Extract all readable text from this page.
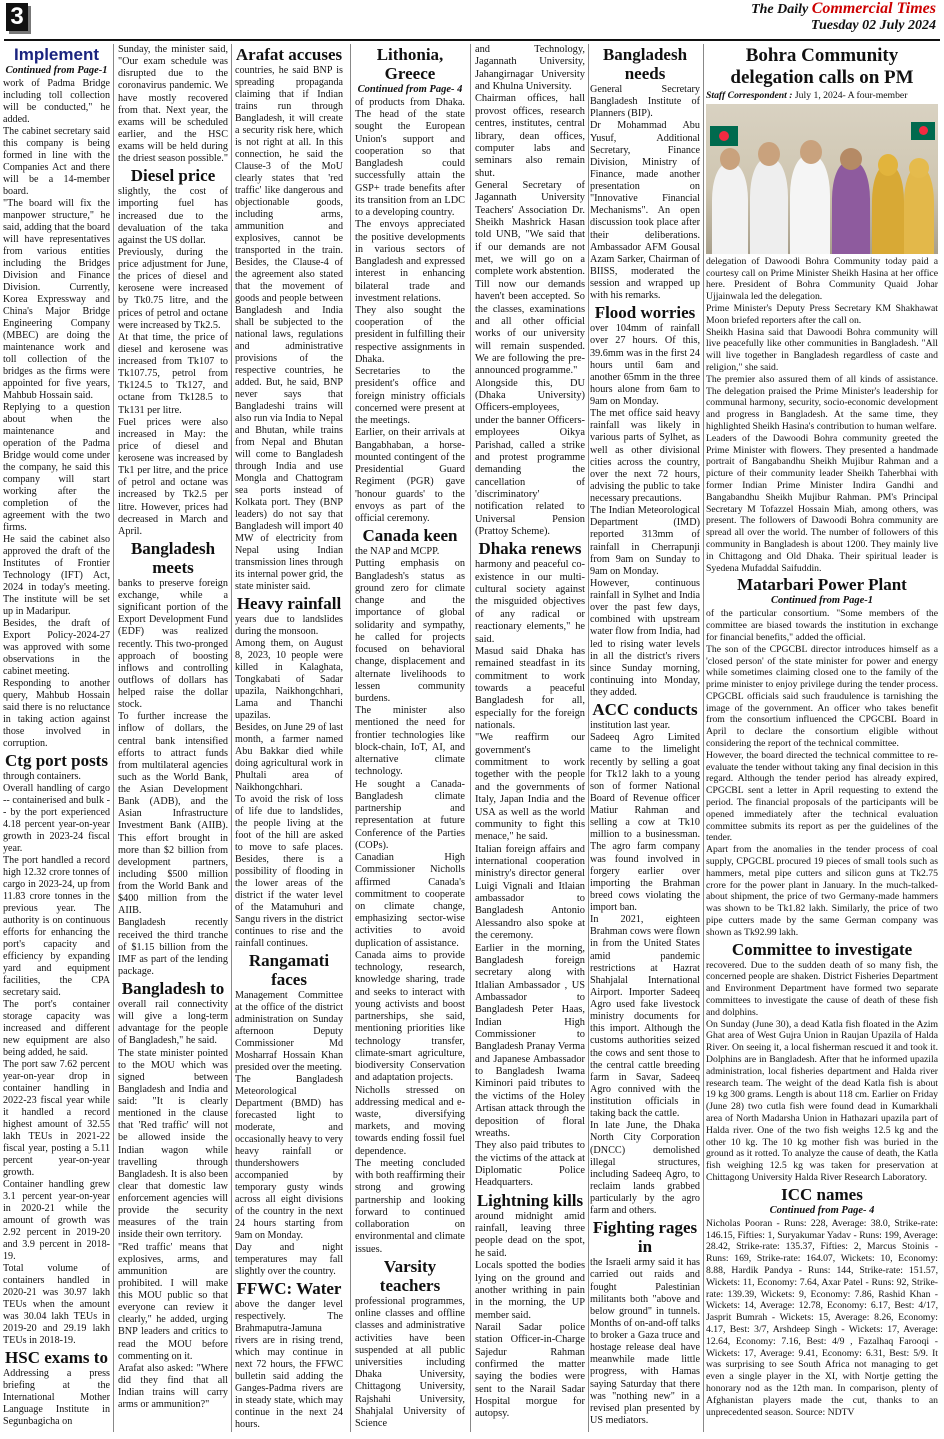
3	The Daily Commercial Times
Tuesday 02 July 2024
Implement
Continued from Page-1

work of Padma Bridge including toll collection will be conducted," he added.

The cabinet secretary said this company is being formed in line with the Companies Act and there will be a 14-member board.

"The board will fix the manpower structure," he said, adding that the board will have representatives from various entities including the Bridges Division and Finance Division. Currently, Korea Expressway and China's Major Bridge Engineering Company (MBEC) are doing the maintenance work and toll collection of the bridges as the firms were appointed for five years, Mahbub Hossain said.

Replying to a question about when the maintenance and operation of the Padma Bridge would come under the company, he said this company will start working after the completion of the agreement with the two firms.

He said the cabinet also approved the draft of the Institutes of Frontier Technology (IFT) Act, 2024 in today's meeting. The institute will be set up in Madaripur.

Besides, the draft of Export Policy-2024-27 was approved with some observations in the cabinet meeting.

Responding to another query, Mahbub Hossain said there is no reluctance in taking action against those involved in corruption.

Ctg port posts

through containers.

Overall handling of cargo -- containerised and bulk -- by the port experienced 4.18 percent year-on-year growth in 2023-24 fiscal year.

The port handled a record high 12.32 crore tonnes of cargo in 2023-24, up from 11.83 crore tonnes in the previous year. The authority is on continuous efforts for enhancing the port's capacity and efficiency by expanding yard and equipment facilities, the CPA secretary said.

The port's container storage capacity was increased and different new equipment are also being added, he said.

The port saw 7.62 percent year-on-year drop in container handling in 2022-23 fiscal year while it handled a record highest amount of 32.55 lakh TEUs in 2021-22 fiscal year, posting a 5.11 percent year-on-year growth.

Container handling grew 3.1 percent year-on-year in 2020-21 while the amount of growth was 2.92 percent in 2019-20 and 3.9 percent in 2018-19.

Total volume of containers handled in 2020-21 was 30.97 lakh TEUs when the amount was 30.04 lakh TEUs in 2019-20 and 29.19 lakh TEUs in 2018-19.

HSC exams to

Addressing a press briefing at the International Mother Language Institute in Segunbagicha on

Sunday, the minister said, "Our exam schedule was disrupted due to the coronavirus pandemic. We have mostly recovered from that. Next year, the exams will be scheduled earlier, and the HSC exams will be held during the driest season possible."

Diesel price

slightly, the cost of importing fuel has increased due to the devaluation of the taka against the US dollar.

Previously, during the price adjustment for June, the prices of diesel and kerosene were increased by Tk0.75 litre, and the prices of petrol and octane were increased by Tk2.5.

At that time, the price of diesel and kerosene was increased from Tk107 to Tk107.75, petrol from Tk124.5 to Tk127, and octane from Tk128.5 to Tk131 per litre.

Fuel prices were also increased in May: the price of diesel and kerosene was increased by Tk1 per litre, and the price of petrol and octane was increased by Tk2.5 per litre. However, prices had decreased in March and April.

Bangladesh meets

banks to preserve foreign exchange, while a significant portion of the Export Development Fund (EDF) was realized recently. This two-pronged approach of boosting inflows and controlling outflows of dollars has helped raise the dollar stock.

To further increase the inflow of dollars, the central bank intensified efforts to attract funds from multilateral agencies such as the World Bank, the Asian Development Bank (ADB), and the Asian Infrastructure Investment Bank (AIIB). This effort brought in more than $2 billion from development partners, including $500 million from the World Bank and $400 million from the AIIB.

Bangladesh recently received the third tranche of $1.15 billion from the IMF as part of the lending package.

Bangladesh to

overall rail connectivity will give a long-term advantage for the people of Bangladesh," he said.

The state minister pointed to the MOU which was signed between Bangladesh and India and said: "It is clearly mentioned in the clause that 'Red traffic' will not be allowed inside the Indian wagon while travelling through Bangladesh. It is also been clear that domestic law enforcement agencies will provide the security measures of the train inside their own territory.

"Red traffic' means that explosives, arms, and ammunition are prohibited. I will make this MOU public so that everyone can review it clearly," he added, urging BNP leaders and critics to read the MOU before commenting on it.

Arafat also asked: "Where did they find that all Indian trains will carry arms or ammunition?"

Arafat accuses

countries, he said BNP is spreading propaganda claiming that if Indian trains run through Bangladesh, it will create a security risk here, which is not right at all. In this connection, he said the Clause-3 of the MoU clearly states that 'red traffic' like dangerous and objectionable goods, including arms, ammunition and explosives, cannot be transported in the train. Besides, the Clause-4 of the agreement also stated that the movement of goods and people between Bangladesh and India shall be subjected to the national laws, regulations and administrative provisions of the respective countries, he added. But, he said, BNP never says that Bangladeshi trains will also run via India to Nepal and Bhutan, while trains from Nepal and Bhutan will come to Bangladesh through India and use Mongla and Chattogram sea ports instead of Kolkata port. They (BNP leaders) do not say that Bangladesh will import 40 MW of electricity from Nepal using Indian transmission lines through its internal power grid, the state minister said.

Heavy rainfall

years due to landslides during the monsoon.

Among them, on August 8, 2023, 10 people were killed in Kalaghata, Tongkabati of Sadar upazila, Naikhongchhari, Lama and Thanchi upazilas.

Besides, on June 29 of last month, a farmer named Abu Bakkar died while doing agricultural work in Phultali area of Naikhongchhari.

To avoid the risk of loss of life due to landslides, the people living at the foot of the hill are asked to move to safe places. Besides, there is a possibility of flooding in the lower areas of the district if the water level of the Matamuhuri and Sangu rivers in the district continues to rise and the rainfall continues.

Rangamati faces

Management Committee at the office of the district administration on Sunday afternoon Deputy Commissioner Md Mosharraf Hossain Khan presided over the meeting.

The Bangladesh Meteorological Department (BMD) has forecasted light to moderate, and occasionally heavy to very heavy rainfall or thundershowers accompanied by temporary gusty winds across all eight divisions of the country in the next 24 hours starting from 9am on Monday.

Day and night temperatures may fall slightly over the country.

FFWC: Water

above the danger level respectively. The Brahmaputra-Jamuna rivers are in rising trend, which may continue in next 72 hours, the FFWC bulletin said adding the Ganges-Padma rivers are in steady state, which may continue in the next 24 hours.

Lithonia, Greece
Continued from Page- 4

of products from Dhaka. The head of the state sought the European Union's support and cooperation so that Bangladesh could successfully attain the GSP+ trade benefits after its transition from an LDC to a developing country.

The envoys appreciated the positive developments in various sectors of Bangladesh and expressed interest in enhancing bilateral trade and investment relations.

They also sought the cooperation of the president in fulfilling their respective assignments in Dhaka.

Secretaries to the president's office and foreign ministry officials concerned were present at the meetings.

Earlier, on their arrivals at Bangabhaban, a horse-mounted contingent of the Presidential Guard Regiment (PGR) gave 'honour guards' to the envoys as part of the official ceremony.

Canada keen

the NAP and MCPP.

Putting emphasis on Bangladesh's status as ground zero for climate change and the importance of global solidarity and sympathy, he called for projects focused on behavioral change, displacement and alternate livelihoods to lessen community burdens.

The minister also mentioned the need for frontier technologies like block-chain, IoT, AI, and alternative climate technology.

He sought a Canada-Bangladesh climate partnership and representation at future Conference of the Parties (COPs).

Canadian High Commissioner Nicholls affirmed Canada's commitment to cooperate on climate change, emphasizing sector-wise activities to avoid duplication of assistance.

Canada aims to provide technology, research, knowledge sharing, trade and seeks to interact with young activists and boost partnerships, she said, mentioning priorities like technology transfer, climate-smart agriculture, biodiversity Conservation and adaptation projects.

Nicholls stressed on addressing medical and e-waste, diversifying markets, and moving towards ending fossil fuel dependence.

The meeting concluded with both reaffirming their strong and growing partnership and looking forward to continued collaboration on environmental and climate issues.

Varsity teachers

professional programmes, online classes and offline classes and administrative activities have been suspended at all public universities including Dhaka University, Chittagong University, Rajshahi University, Shahjalal University of Science

and Technology, Jagannath University, Jahangirnagar University and Khulna University.

Chairman offices, hall provost offices, research centres, institutes, central library, dean offices, computer labs and seminars also remain shut.

General Secretary of Jagannath University Teachers' Association Dr. Sheikh Mashrick Hasan told UNB, "We said that if our demands are not met, we will go on a complete work abstention. Till now our demands haven't been accepted. So the classes, examinations and all other official works of our university will remain suspended. We are following the pre-announced programme."

Alongside this, DU (Dhaka University) Officers-employees, under the banner Officers-employees Oikya Parishad, called a strike and protest programme demanding the cancellation of 'discriminatory' notification related to Universal Pension (Prattoy Scheme).

Dhaka renews

harmony and peaceful co-existence in our multi-cultural society against the misguided objectives of any radical or reactionary elements," he said.

Masud said Dhaka has remained steadfast in its commitment to work towards a peaceful Bangladesh for all, especially for the foreign nationals.

"We reaffirm our government's commitment to work together with the people and the governments of Italy, Japan India and the USA as well as the world community to fight this menace," he said.

Italian foreign affairs and international cooperation ministry's director general Luigi Vignali and Itlaian ambassador to Bangladesh Antonio Alessandro also spoke at the ceremony.

Earlier in the morning, Bangladesh foreign secretary along with Itlalian Ambassador , US Ambassador to Bangladesh Peter Haas, Indian High Commissioner to Bangladesh Pranay Verma and Japanese Ambassador to Bangladesh Iwama Kiminori paid tributes to the victims of the Holey Artisan attack through the deposition of floral wreaths.

They also paid tributes to the victims of the attack at Diplomatic Police Headquarters.

Lightning kills

around midnight amid rainfall, leaving three people dead on the spot, he said.

Locals spotted the bodies lying on the ground and another writhing in pain in the morning, the UP member said.

Narail Sadar police station Officer-in-Charge Sajedur Rahman confirmed the matter saying the bodies were sent to the Narail Sadar Hospital morgue for autopsy.

Bangladesh needs

General Secretary Bangladesh Institute of Planners (BIP).

Dr Mohammad Abu Yusuf, Additional Secretary, Finance Division, Ministry of Finance, made another presentation on "Innovative Financial Mechanisms". An open discussion took place after their deliberations. Ambassador AFM Gousal Azam Sarker, Chairman of BIISS, moderated the session and wrapped up with his remarks.

Flood worries

over 104mm of rainfall over 27 hours. Of this, 39.6mm was in the first 24 hours until 6am and another 65mm in the three hours alone from 6am to 9am on Monday.

The met office said heavy rainfall was likely in various parts of Sylhet, as well as other divisional cities across the country, over the next 72 hours, advising the public to take necessary precautions.

The Indian Meteorological Department (IMD) reported 313mm of rainfall in Cherrapunji from 9am on Sunday to 9am on Monday.

However, continuous rainfall in Sylhet and India over the past few days, combined with upstream water flow from India, had led to rising water levels in all the district's rivers since Sunday morning, continuing into Monday, they added.

ACC conducts

institution last year.

Sadeeq Agro Limited came to the limelight recently by selling a goat for Tk12 lakh to a young son of former National Board of Revenue officer Matiur Rahman and selling a cow at Tk10 million to a businessman. The agro farm company was found involved in forgery earlier over importing the Brahman breed cows violating the import ban.

In 2021, eighteen Brahman cows were flown in from the United States amid pandemic restrictions at Hazrat Shahjalal International Airport. Importer Sadeeq Agro used fake livestock ministry documents for this import. Although the customs authorities seized the cows and sent those to the central cattle breeding farm in Savar, Sadeeq Agro connived with the institution officials in taking back the cattle.

In late June, the Dhaka North City Corporation (DNCC) demolished illegal structures, including Sadeeq Agro, to reclaim lands grabbed particularly by the agro farm and others.

Fighting rages in

the Israeli army said it has carried out raids and fought Palestinian militants both "above and below ground" in tunnels. Months of on-and-off talks to broker a Gaza truce and hostage release deal have meanwhile made little progress, with Hamas saying Saturday that there was "nothing new" in a revised plan presented by US mediators.

Bohra Community delegation calls on PM

Staff Correspondent : July 1, 2024- A four-member

delegation of Dawoodi Bohra Community today paid a courtesy call on Prime Minister Sheikh Hasina at her office here. President of Bohra Community Quaid Johar Ujjainwala led the delegation.

Prime Minister's Deputy Press Secretary KM Shakhawat Moon briefed reporters after the call on.

Sheikh Hasina said that Dawoodi Bohra community will live peacefully like other communities in Bangladesh. "All will live together in Bangladesh regardless of caste and religion," she said.

The premier also assured them of all kinds of assistance. The delegation praised the Prime Minister's leadership for communal harmony, security, socio-economic development and progress in Bangladesh. At the same time, they highlighted Sheikh Hasina's contribution to human welfare.

Leaders of the Dawoodi Bohra community greeted the Prime Minister with flowers. They presented a handmade portrait of Bangabandhu Sheikh Mujibur Rahman and a picture of their community leader Sheikh Taherbhai with former Indian Prime Minister Indira Gandhi and Bangabandhu Sheikh Mujibur Rahman. PM's Principal Secretary M Tofazzel Hossain Miah, among others, was present. The followers of Dawoodi Bohra community are spread all over the world. The number of followers of this community in Bangladesh is about 1200. They mainly live in Chittagong and Old Dhaka. Their spiritual leader is Syedena Mufaddal Saifuddin.

Matarbari Power Plant
Continued from Page-1

of the particular consortium. "Some members of the committee are biased towards the institution in exchange for financial benefits," added the official.

The son of the CPGCBL director introduces himself as a 'closed person' of the state minister for power and energy while sometimes claiming closed one to the family of the prime minister to enjoy privilege during the tender process. CPGCBL officials said such fraudulence is tarnishing the image of the government. An officer who takes benefit from the consortium influenced the CPGCBL Board in April to declare the consortium eligible without considering the report of the technical committee.

However, the board directed the technical committee to re-evaluate the tender without taking any final decision in this regard. Although the tender period has already expired, CPGCBL sent a letter in April requesting to extend the period. The financial proposals of the participants will be opened immediately after the technical evaluation committee submits its report as per the guidelines of the tender.

Apart from the anomalies in the tender process of coal supply, CPGCBL procured 19 pieces of small tools such as hammers, metal pipe cutters and silicon guns at Tk2.75 crore for the power plant in January. In the much-talked-about shipment, the price of two Germany-made hammers was shown to be Tk1.82 lakh. Similarly, the price of two pipe cutters made by the same German company was shown as Tk92.99 lakh.

Committee to investigate

recovered. Due to the sudden death of so many fish, the concerned people are shaken. District Fisheries Department and Environment Department have formed two separate committees to investigate the cause of death of these fish and dolphins.

On Sunday (June 30), a dead Katla fish floated in the Azim Ghat area of West Gujra Union in Raujan Upazila of Halda River. On seeing it, a local fisherman rescued it and took it. Dolphins are in Bangladesh. After that he informed upazila administration, local fisheries department and Halda river research team. The weight of the dead Katla fish is about 19 kg 300 grams. Length is about 118 cm. Earlier on Friday (June 28) two cutla fish were found dead in Kumarkhali area of North Madarsha Union in Hathazari upazila part of Halda river. One of the two fish weighs 12.5 kg and the other 10 kg. The 10 kg mother fish was buried in the ground as it rotted. To analyze the cause of death, the Katla fish weighing 12.5 kg was taken for preservation at Chittagong University Halda River Research Laboratory.

ICC names
Continued from Page- 4

Nicholas Pooran - Runs: 228, Average: 38.0, Strike-rate: 146.15, Fifties: 1, Suryakumar Yadav - Runs: 199, Average: 28.42, Strike-rate: 135.37, Fifties: 2, Marcus Stoinis - Runs: 169, Strike-rate: 164.07, Wickets: 10, Economy: 8.88, Hardik Pandya - Runs: 144, Strike-rate: 151.57, Wickets: 11, Economy: 7.64, Axar Patel - Runs: 92, Strike-rate: 139.39, Wickets: 9, Economy: 7.86, Rashid Khan - Wickets: 14, Average: 12.78, Economy: 6.17, Best: 4/17, Jasprit Bumrah - Wickets: 15, Average: 8.26, Economy: 4.17, Best: 3/7, Arshdeep Singh - Wickets: 17, Average: 12.64, Economy: 7.16, Best: 4/9 , Fazalhaq Farooqi - Wickets: 17, Average: 9.41, Economy: 6.31, Best: 5/9. It was surprising to see South Africa not managing to get even a single player in the XI, with Nortje getting the honorary nod as the 12th man. In comparison, plenty of Afghanistan players made the cut, thanks to an unprecedented season. Source: NDTV
